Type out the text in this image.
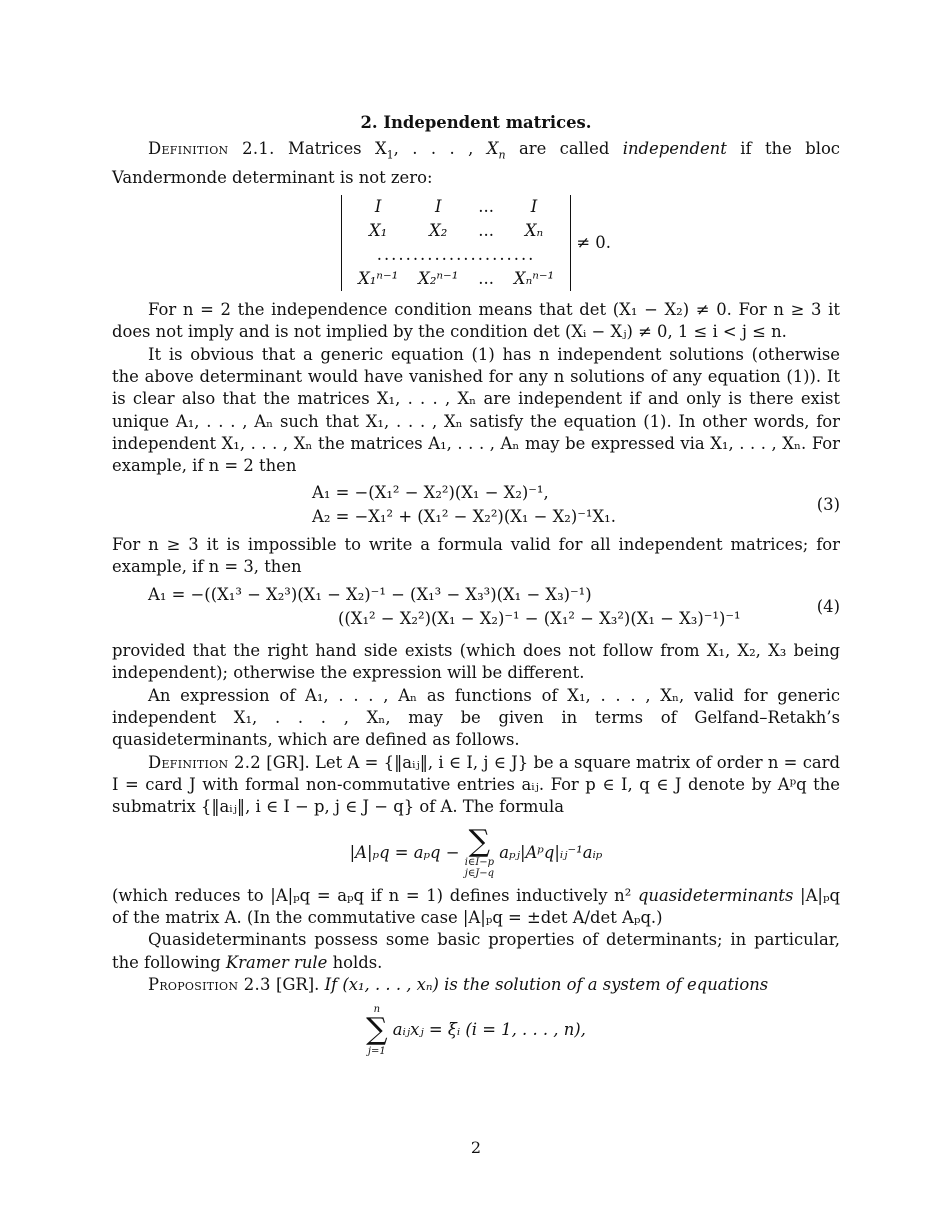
2. Independent matrices.

Definition 2.1. Matrices $X_1$, . . . , $X_n$ are called independent if the bloc Vandermonde determinant is not zero:

I	I	...	I
X₁	X₂	...	Xₙ
......................			
X₁ⁿ⁻¹	X₂ⁿ⁻¹	...	Xₙⁿ⁻¹
≠ 0.

For n = 2 the independence condition means that det (X₁ − X₂) ≠ 0. For n ≥ 3 it does not imply and is not implied by the condition det (Xᵢ − Xⱼ) ≠ 0, 1 ≤ i < j ≤ n.

It is obvious that a generic equation (1) has n independent solutions (otherwise the above determinant would have vanished for any n solutions of any equation (1)). It is clear also that the matrices X₁, . . . , Xₙ are independent if and only is there exist unique A₁, . . . , Aₙ such that X₁, . . . , Xₙ satisfy the equation (1). In other words, for independent X₁, . . . , Xₙ the matrices A₁, . . . , Aₙ may be expressed via X₁, . . . , Xₙ. For example, if n = 2 then

A₁ = −(X₁² − X₂²)(X₁ − X₂)⁻¹,
A₂ = −X₁² + (X₁² − X₂²)(X₁ − X₂)⁻¹X₁.
(3)

For n ≥ 3 it is impossible to write a formula valid for all independent matrices; for example, if n = 3, then

A₁ = −((X₁³ − X₂³)(X₁ − X₂)⁻¹ − (X₁³ − X₃³)(X₁ − X₃)⁻¹)
((X₁² − X₂²)(X₁ − X₂)⁻¹ − (X₁² − X₃²)(X₁ − X₃)⁻¹)⁻¹
(4)

provided that the right hand side exists (which does not follow from X₁, X₂, X₃ being independent); otherwise the expression will be different.

An expression of A₁, . . . , Aₙ as functions of X₁, . . . , Xₙ, valid for generic independent X₁, . . . , Xₙ, may be given in terms of Gelfand–Retakh’s quasideterminants, which are defined as follows.

Definition 2.2 [GR]. Let A = {‖aᵢⱼ‖, i ∈ I, j ∈ J} be a square matrix of order n = card I = card J with formal non-commutative entries aᵢⱼ. For p ∈ I, q ∈ J denote by Aᵖq the submatrix {‖aᵢⱼ‖, i ∈ I − p, j ∈ J − q} of A. The formula

|A|ₚq = aₚq − ∑
i∈I−p
j∈J−q
aₚⱼ|Aᵖq|ᵢⱼ⁻¹aᵢₚ

(which reduces to |A|ₚq = aₚq if n = 1) defines inductively n² quasideterminants |A|ₚq of the matrix A. (In the commutative case |A|ₚq = ±det A/det Aₚq.)

Quasideterminants possess some basic properties of determinants; in particular, the following Kramer rule holds.

Proposition 2.3 [GR]. If (x₁, . . . , xₙ) is the solution of a system of equations

n
∑
j=1
aᵢⱼxⱼ = ξᵢ (i = 1, . . . , n),
2
